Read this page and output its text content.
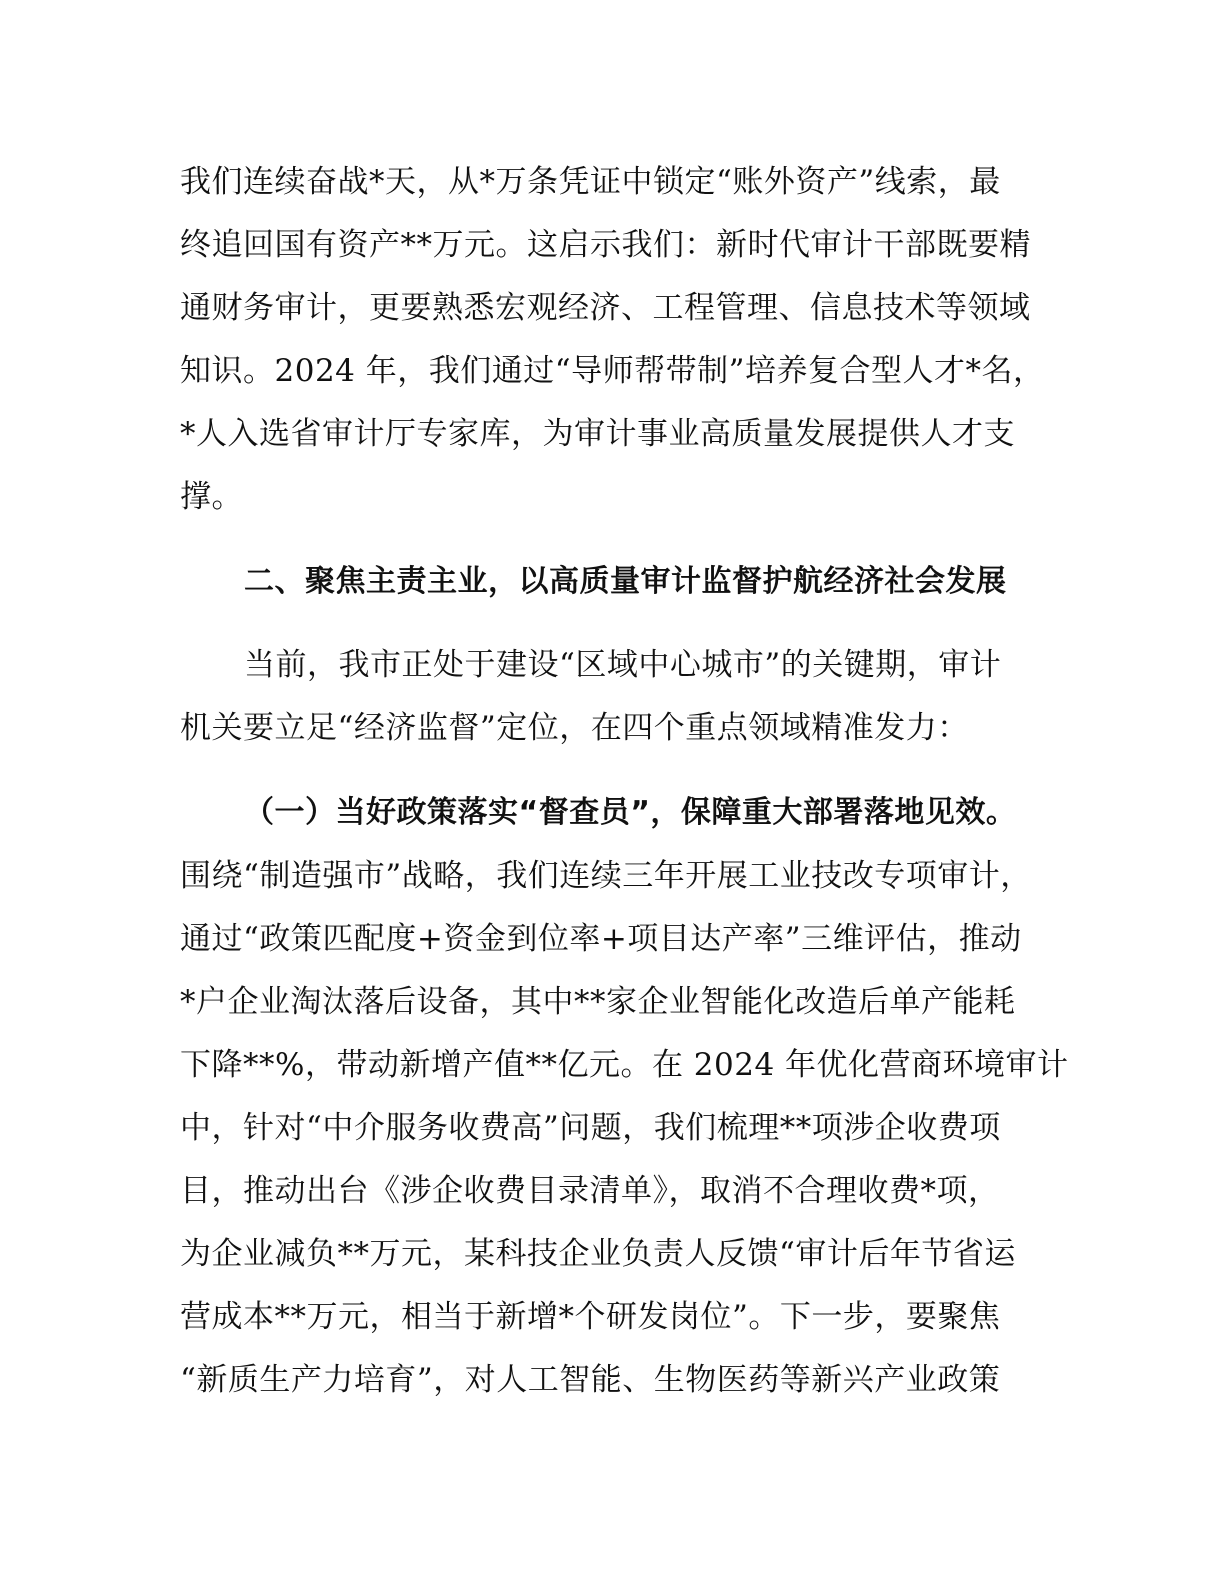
我们连续奋战*天，从*万条凭证中锁定“账外资产”线索，最
终追回国有资产**万元。这启示我们：新时代审计干部既要精
通财务审计，更要熟悉宏观经济、工程管理、信息技术等领域
知识。2024 年，我们通过“导师帮带制”培养复合型人才*名，
*人入选省审计厅专家库，为审计事业高质量发展提供人才支
撑。
二、聚焦主责主业，以高质量审计监督护航经济社会发展
当前，我市正处于建设“区域中心城市”的关键期，审计
机关要立足“经济监督”定位，在四个重点领域精准发力：
（一）当好政策落实“督查员”，保障重大部署落地见效。
围绕“制造强市”战略，我们连续三年开展工业技改专项审计，
通过“政策匹配度+资金到位率+项目达产率”三维评估，推动
*户企业淘汰落后设备，其中**家企业智能化改造后单产能耗
下降**%，带动新增产值**亿元。在 2024 年优化营商环境审计
中，针对“中介服务收费高”问题，我们梳理**项涉企收费项
目，推动出台《涉企收费目录清单》，取消不合理收费*项，
为企业减负**万元，某科技企业负责人反馈“审计后年节省运
营成本**万元，相当于新增*个研发岗位”。下一步，要聚焦
“新质生产力培育”，对人工智能、生物医药等新兴产业政策
